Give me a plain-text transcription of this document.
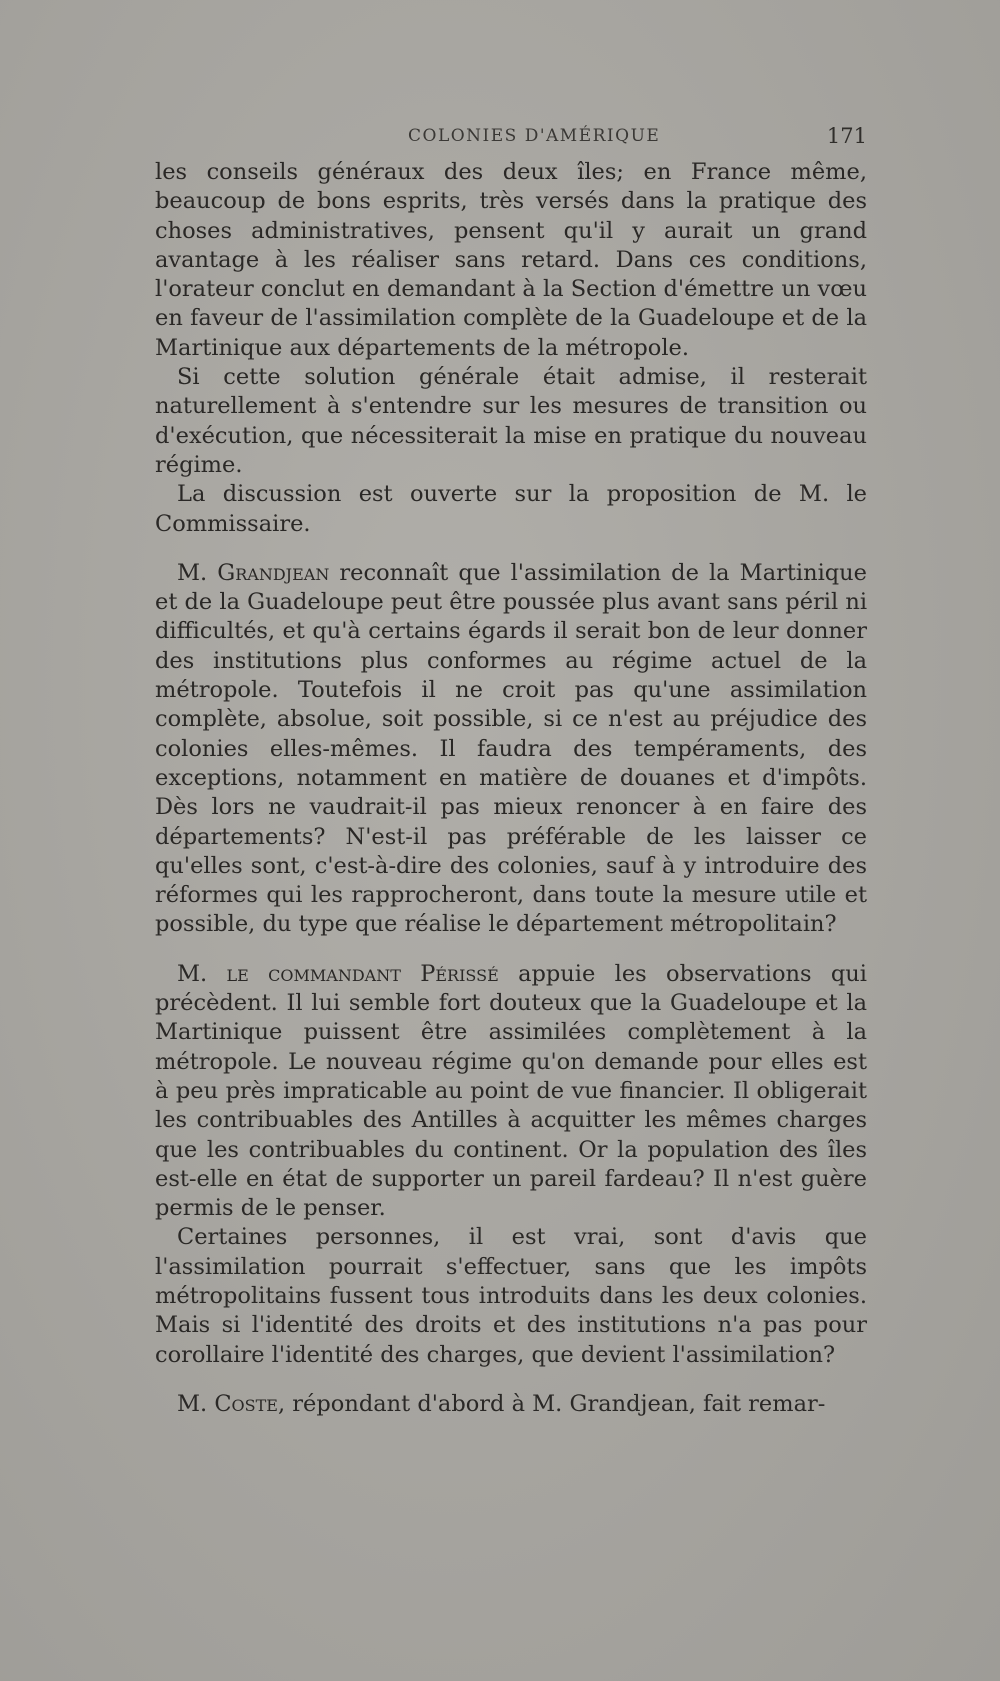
COLONIES D'AMÉRIQUE	171

les conseils généraux des deux îles; en France même, beaucoup de bons esprits, très versés dans la pratique des choses administratives, pensent qu'il y aurait un grand avantage à les réaliser sans retard. Dans ces conditions, l'orateur conclut en demandant à la Section d'émettre un vœu en faveur de l'assimilation complète de la Guadeloupe et de la Martinique aux départements de la métropole.

Si cette solution générale était admise, il resterait naturellement à s'entendre sur les mesures de transition ou d'exécution, que nécessiterait la mise en pratique du nouveau régime.

La discussion est ouverte sur la proposition de M. le Commissaire.

M. Grandjean reconnaît que l'assimilation de la Martinique et de la Guadeloupe peut être poussée plus avant sans péril ni difficultés, et qu'à certains égards il serait bon de leur donner des institutions plus conformes au régime actuel de la métropole. Toutefois il ne croit pas qu'une assimilation complète, absolue, soit possible, si ce n'est au préjudice des colonies elles-mêmes. Il faudra des tempéraments, des exceptions, notamment en matière de douanes et d'impôts. Dès lors ne vaudrait-il pas mieux renoncer à en faire des départements? N'est-il pas préférable de les laisser ce qu'elles sont, c'est-à-dire des colonies, sauf à y introduire des réformes qui les rapprocheront, dans toute la mesure utile et possible, du type que réalise le département métropolitain?

M. le commandant Périssé appuie les observations qui précèdent. Il lui semble fort douteux que la Guadeloupe et la Martinique puissent être assimilées complètement à la métropole. Le nouveau régime qu'on demande pour elles est à peu près impraticable au point de vue financier. Il obligerait les contribuables des Antilles à acquitter les mêmes charges que les contribuables du continent. Or la population des îles est-elle en état de supporter un pareil fardeau? Il n'est guère permis de le penser.

Certaines personnes, il est vrai, sont d'avis que l'assimilation pourrait s'effectuer, sans que les impôts métropolitains fussent tous introduits dans les deux colonies. Mais si l'identité des droits et des institutions n'a pas pour corollaire l'identité des charges, que devient l'assimilation?

M. Coste, répondant d'abord à M. Grandjean, fait remar-
